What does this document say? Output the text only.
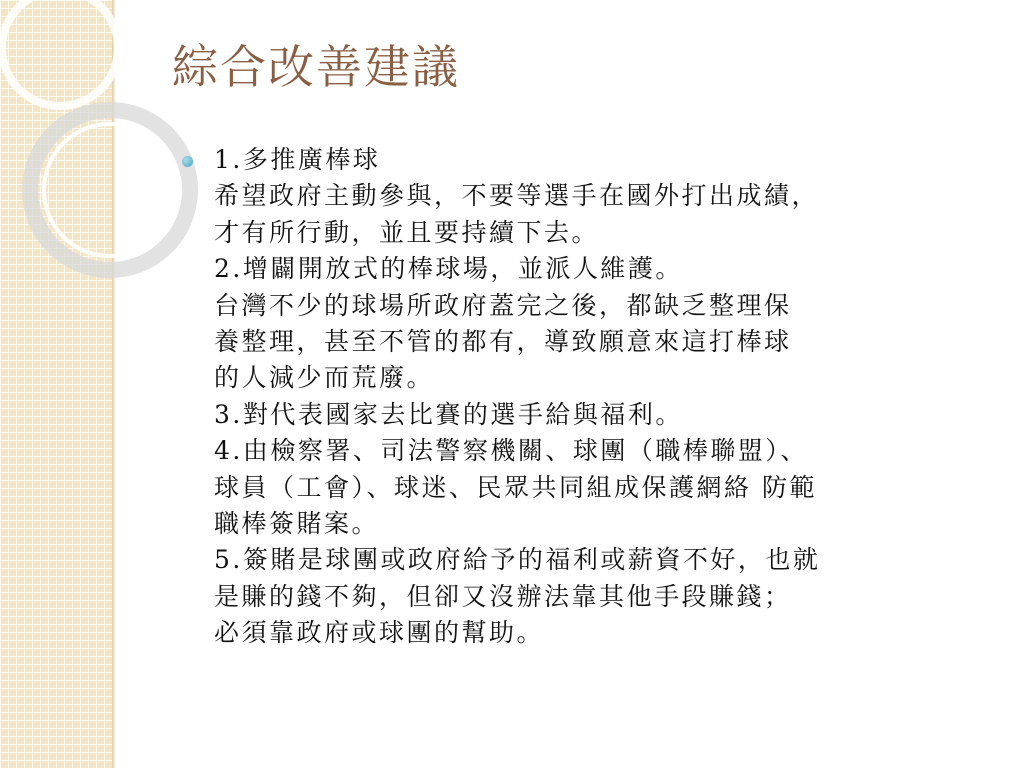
綜合改善建議
1.多推廣棒球
希望政府主動參與，不要等選手在國外打出成績，
才有所行動，並且要持續下去。
2.增闢開放式的棒球場，並派人維護。
台灣不少的球場所政府蓋完之後，都缺乏整理保
養整理，甚至不管的都有，導致願意來這打棒球
的人減少而荒廢。
3.對代表國家去比賽的選手給與福利。
4.由檢察署、司法警察機關、球團（職棒聯盟）、
球員（工會）、球迷、民眾共同組成保護網絡 防範
職棒簽賭案。
5.簽賭是球團或政府給予的福利或薪資不好，也就
是賺的錢不夠，但卻又沒辦法靠其他手段賺錢；
必須靠政府或球團的幫助。
